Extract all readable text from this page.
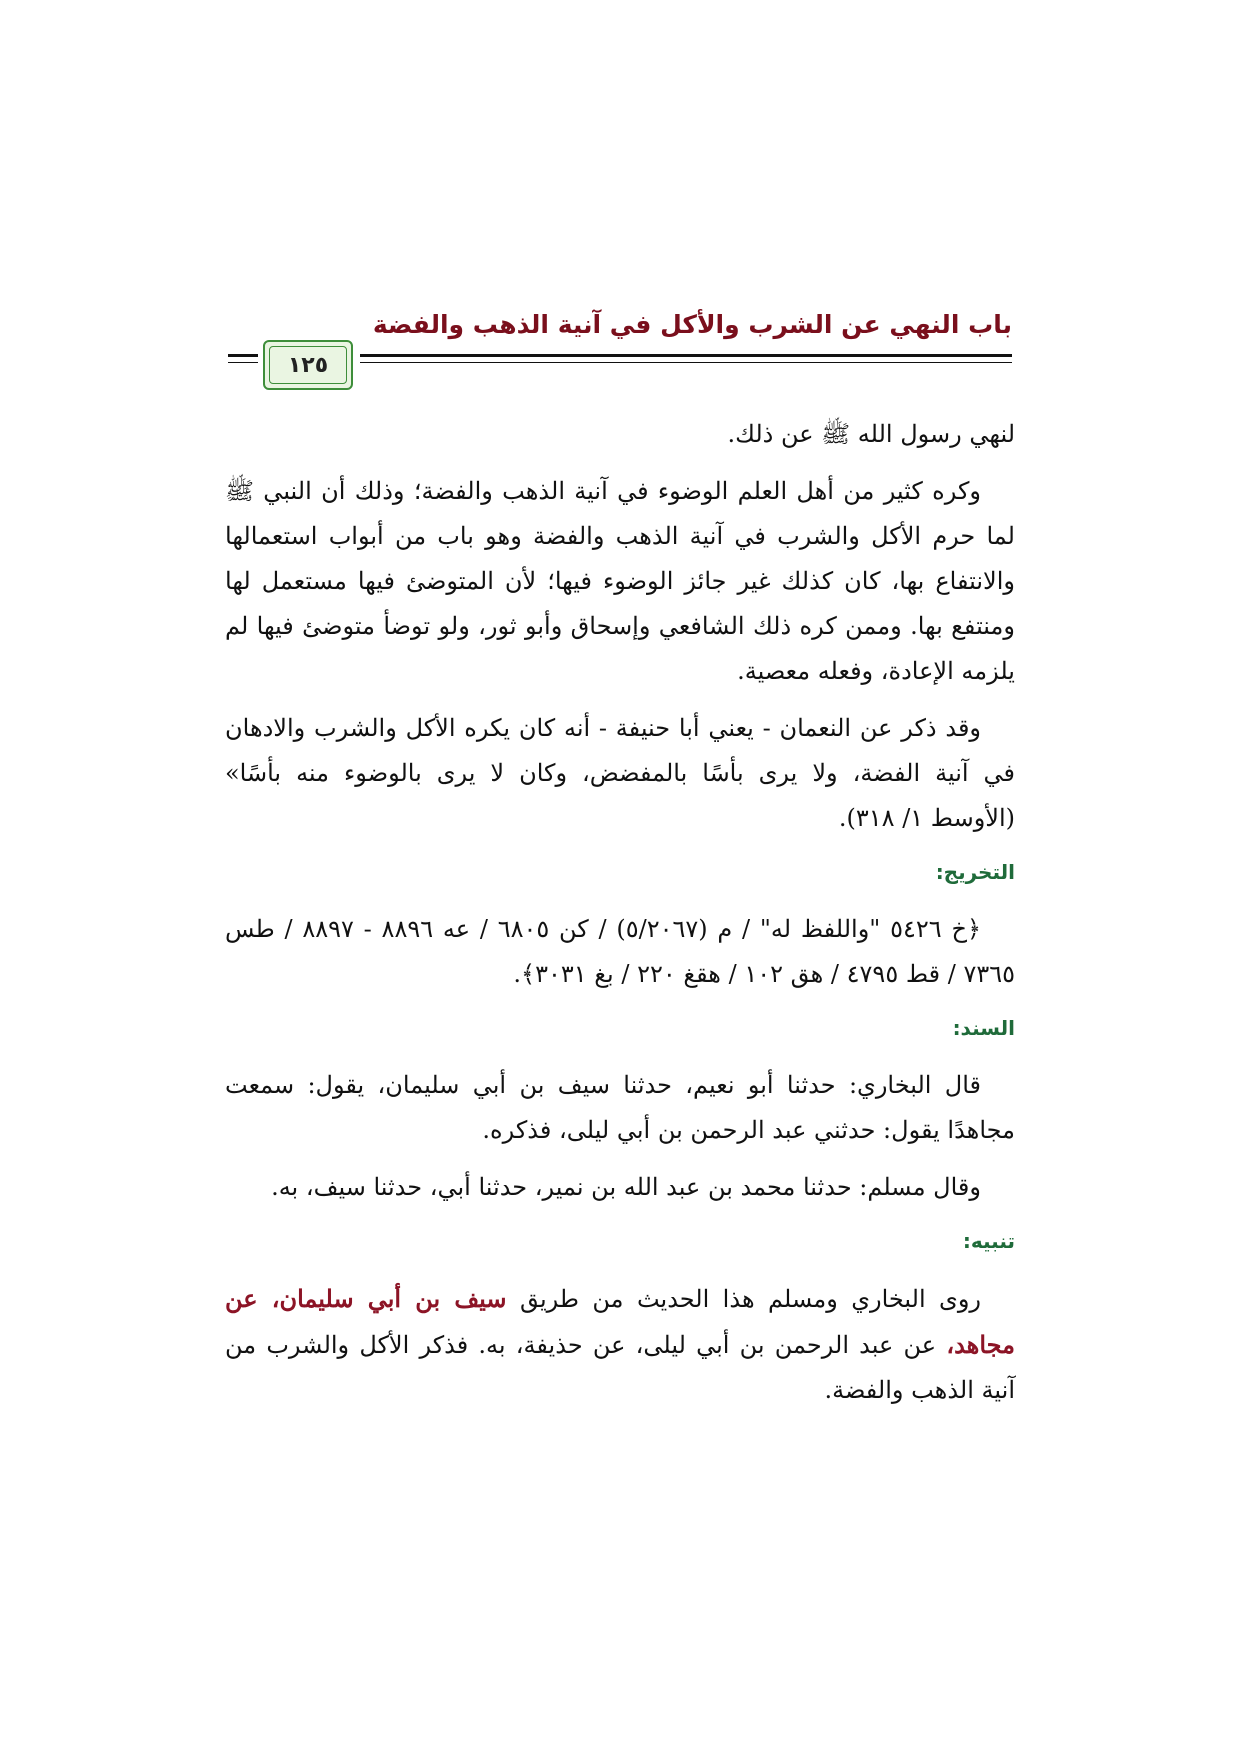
باب النهي عن الشرب والأكل في آنية الذهب والفضة
١٢٥

لنهي رسول الله ﷺ عن ذلك.

وكره كثير من أهل العلم الوضوء في آنية الذهب والفضة؛ وذلك أن النبي ﷺ لما حرم الأكل والشرب في آنية الذهب والفضة وهو باب من أبواب استعمالها والانتفاع بها، كان كذلك غير جائز الوضوء فيها؛ لأن المتوضئ فيها مستعمل لها ومنتفع بها. وممن كره ذلك الشافعي وإسحاق وأبو ثور، ولو توضأ متوضئ فيها لم يلزمه الإعادة، وفعله معصية.

وقد ذكر عن النعمان - يعني أبا حنيفة - أنه كان يكره الأكل والشرب والادهان في آنية الفضة، ولا يرى بأسًا بالمفضض، وكان لا يرى بالوضوء منه بأسًا» (الأوسط ١/ ٣١٨).

التخريج:

﴿خ ٥٤٢٦ "واللفظ له" / م (٥/٢٠٦٧) / كن ٦٨٠٥ / عه ٨٨٩٦ - ٨٨٩٧ / طس ٧٣٦٥ / قط ٤٧٩٥ / هق ١٠٢ / هقغ ٢٢٠ / بغ ٣٠٣١﴾.

السند:

قال البخاري: حدثنا أبو نعيم، حدثنا سيف بن أبي سليمان، يقول: سمعت مجاهدًا يقول: حدثني عبد الرحمن بن أبي ليلى، فذكره.

وقال مسلم: حدثنا محمد بن عبد الله بن نمير، حدثنا أبي، حدثنا سيف، به.

تنبيه:

روى البخاري ومسلم هذا الحديث من طريق سيف بن أبي سليمان، عن مجاهد، عن عبد الرحمن بن أبي ليلى، عن حذيفة، به. فذكر الأكل والشرب من آنية الذهب والفضة.
